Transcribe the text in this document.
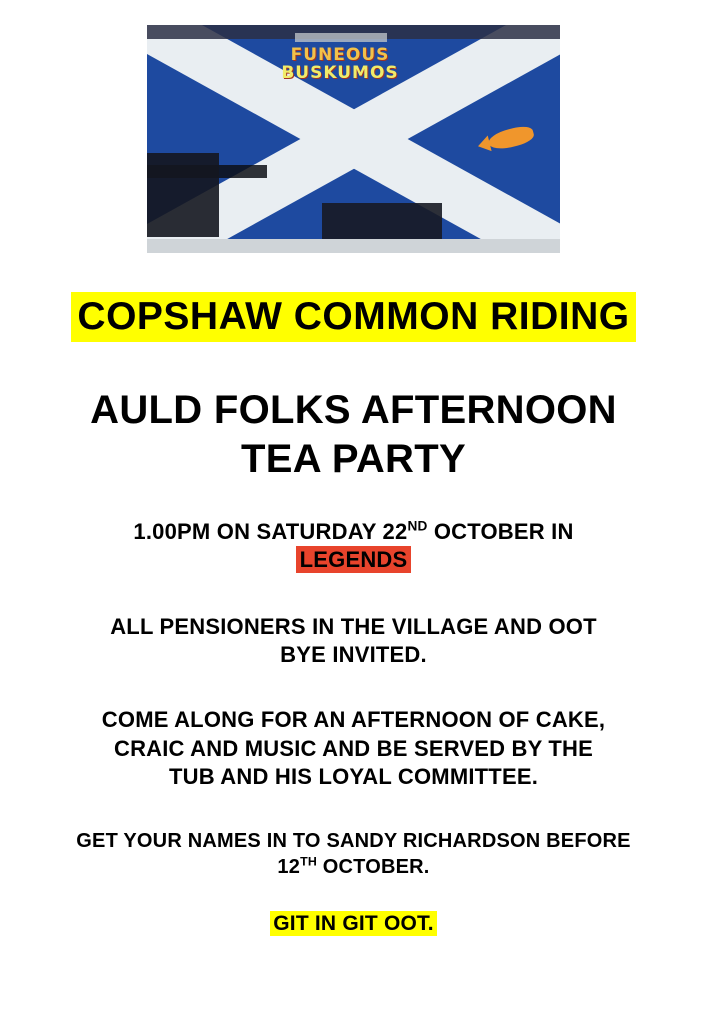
FUNEOUS
BUSKUMOS
COPSHAW COMMON RIDING
AULD FOLKS AFTERNOON
TEA PARTY
1.00PM ON SATURDAY 22ND OCTOBER IN
LEGENDS
ALL PENSIONERS IN THE VILLAGE AND OOT
BYE INVITED.
COME ALONG FOR AN AFTERNOON OF CAKE,
CRAIC AND MUSIC AND BE SERVED BY THE
TUB AND HIS LOYAL COMMITTEE.
GET YOUR NAMES IN TO SANDY RICHARDSON BEFORE
12TH OCTOBER.
GIT IN GIT OOT.
